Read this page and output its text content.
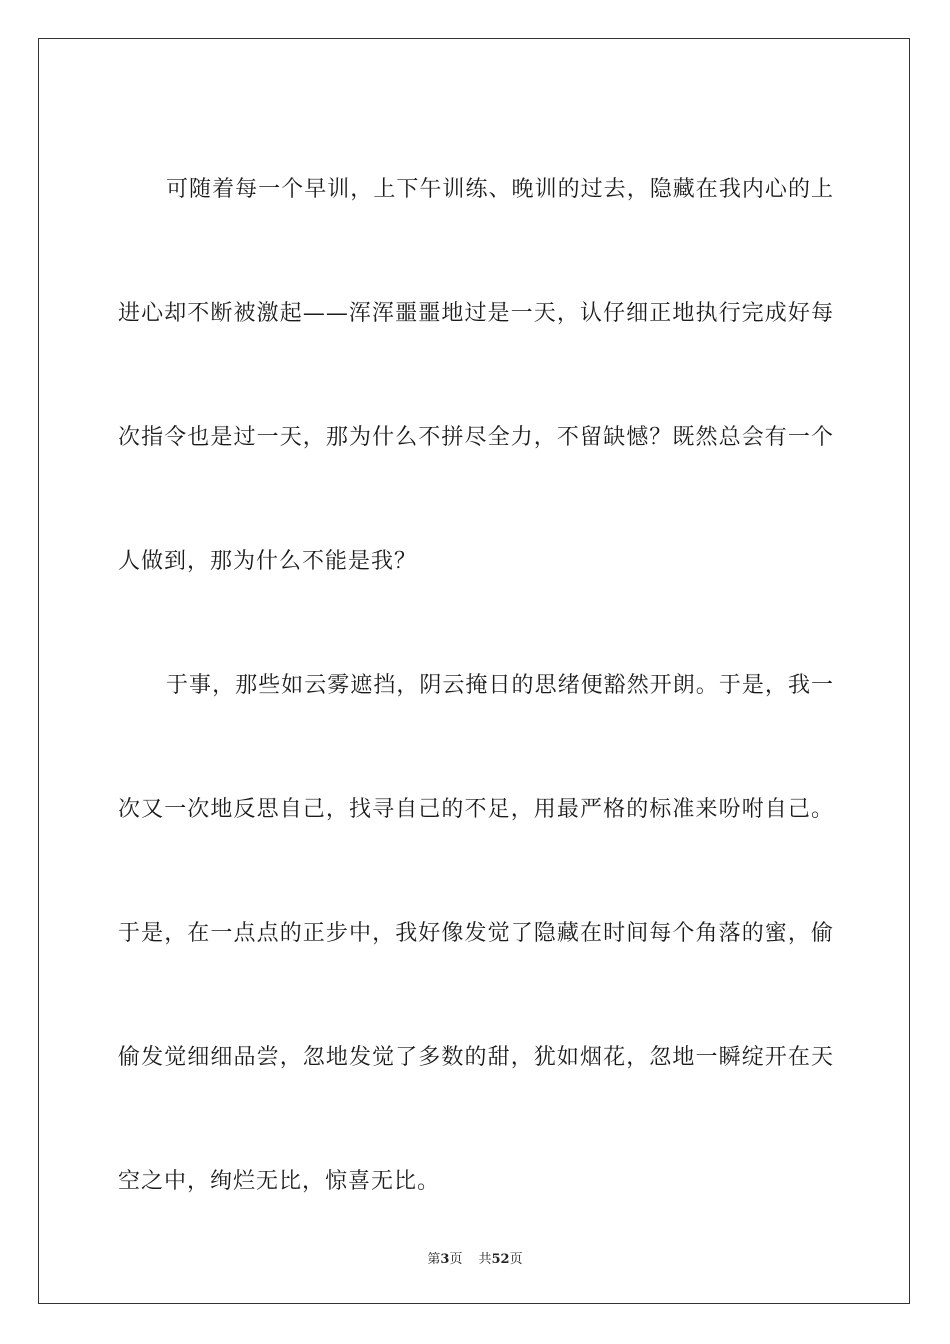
可随着每一个早训，上下午训练、晚训的过去，隐藏在我内心的上进心却不断被激起——浑浑噩噩地过是一天，认仔细正地执行完成好每次指令也是过一天，那为什么不拼尽全力，不留缺憾？既然总会有一个人做到，那为什么不能是我？

于事，那些如云雾遮挡，阴云掩日的思绪便豁然开朗。于是，我一次又一次地反思自己，找寻自己的不足，用最严格的标准来吩咐自己。于是，在一点点的正步中，我好像发觉了隐藏在时间每个角落的蜜，偷偷发觉细细品尝，忽地发觉了多数的甜，犹如烟花，忽地一瞬绽开在天空之中，绚烂无比，惊喜无比。

第3页 共52页
